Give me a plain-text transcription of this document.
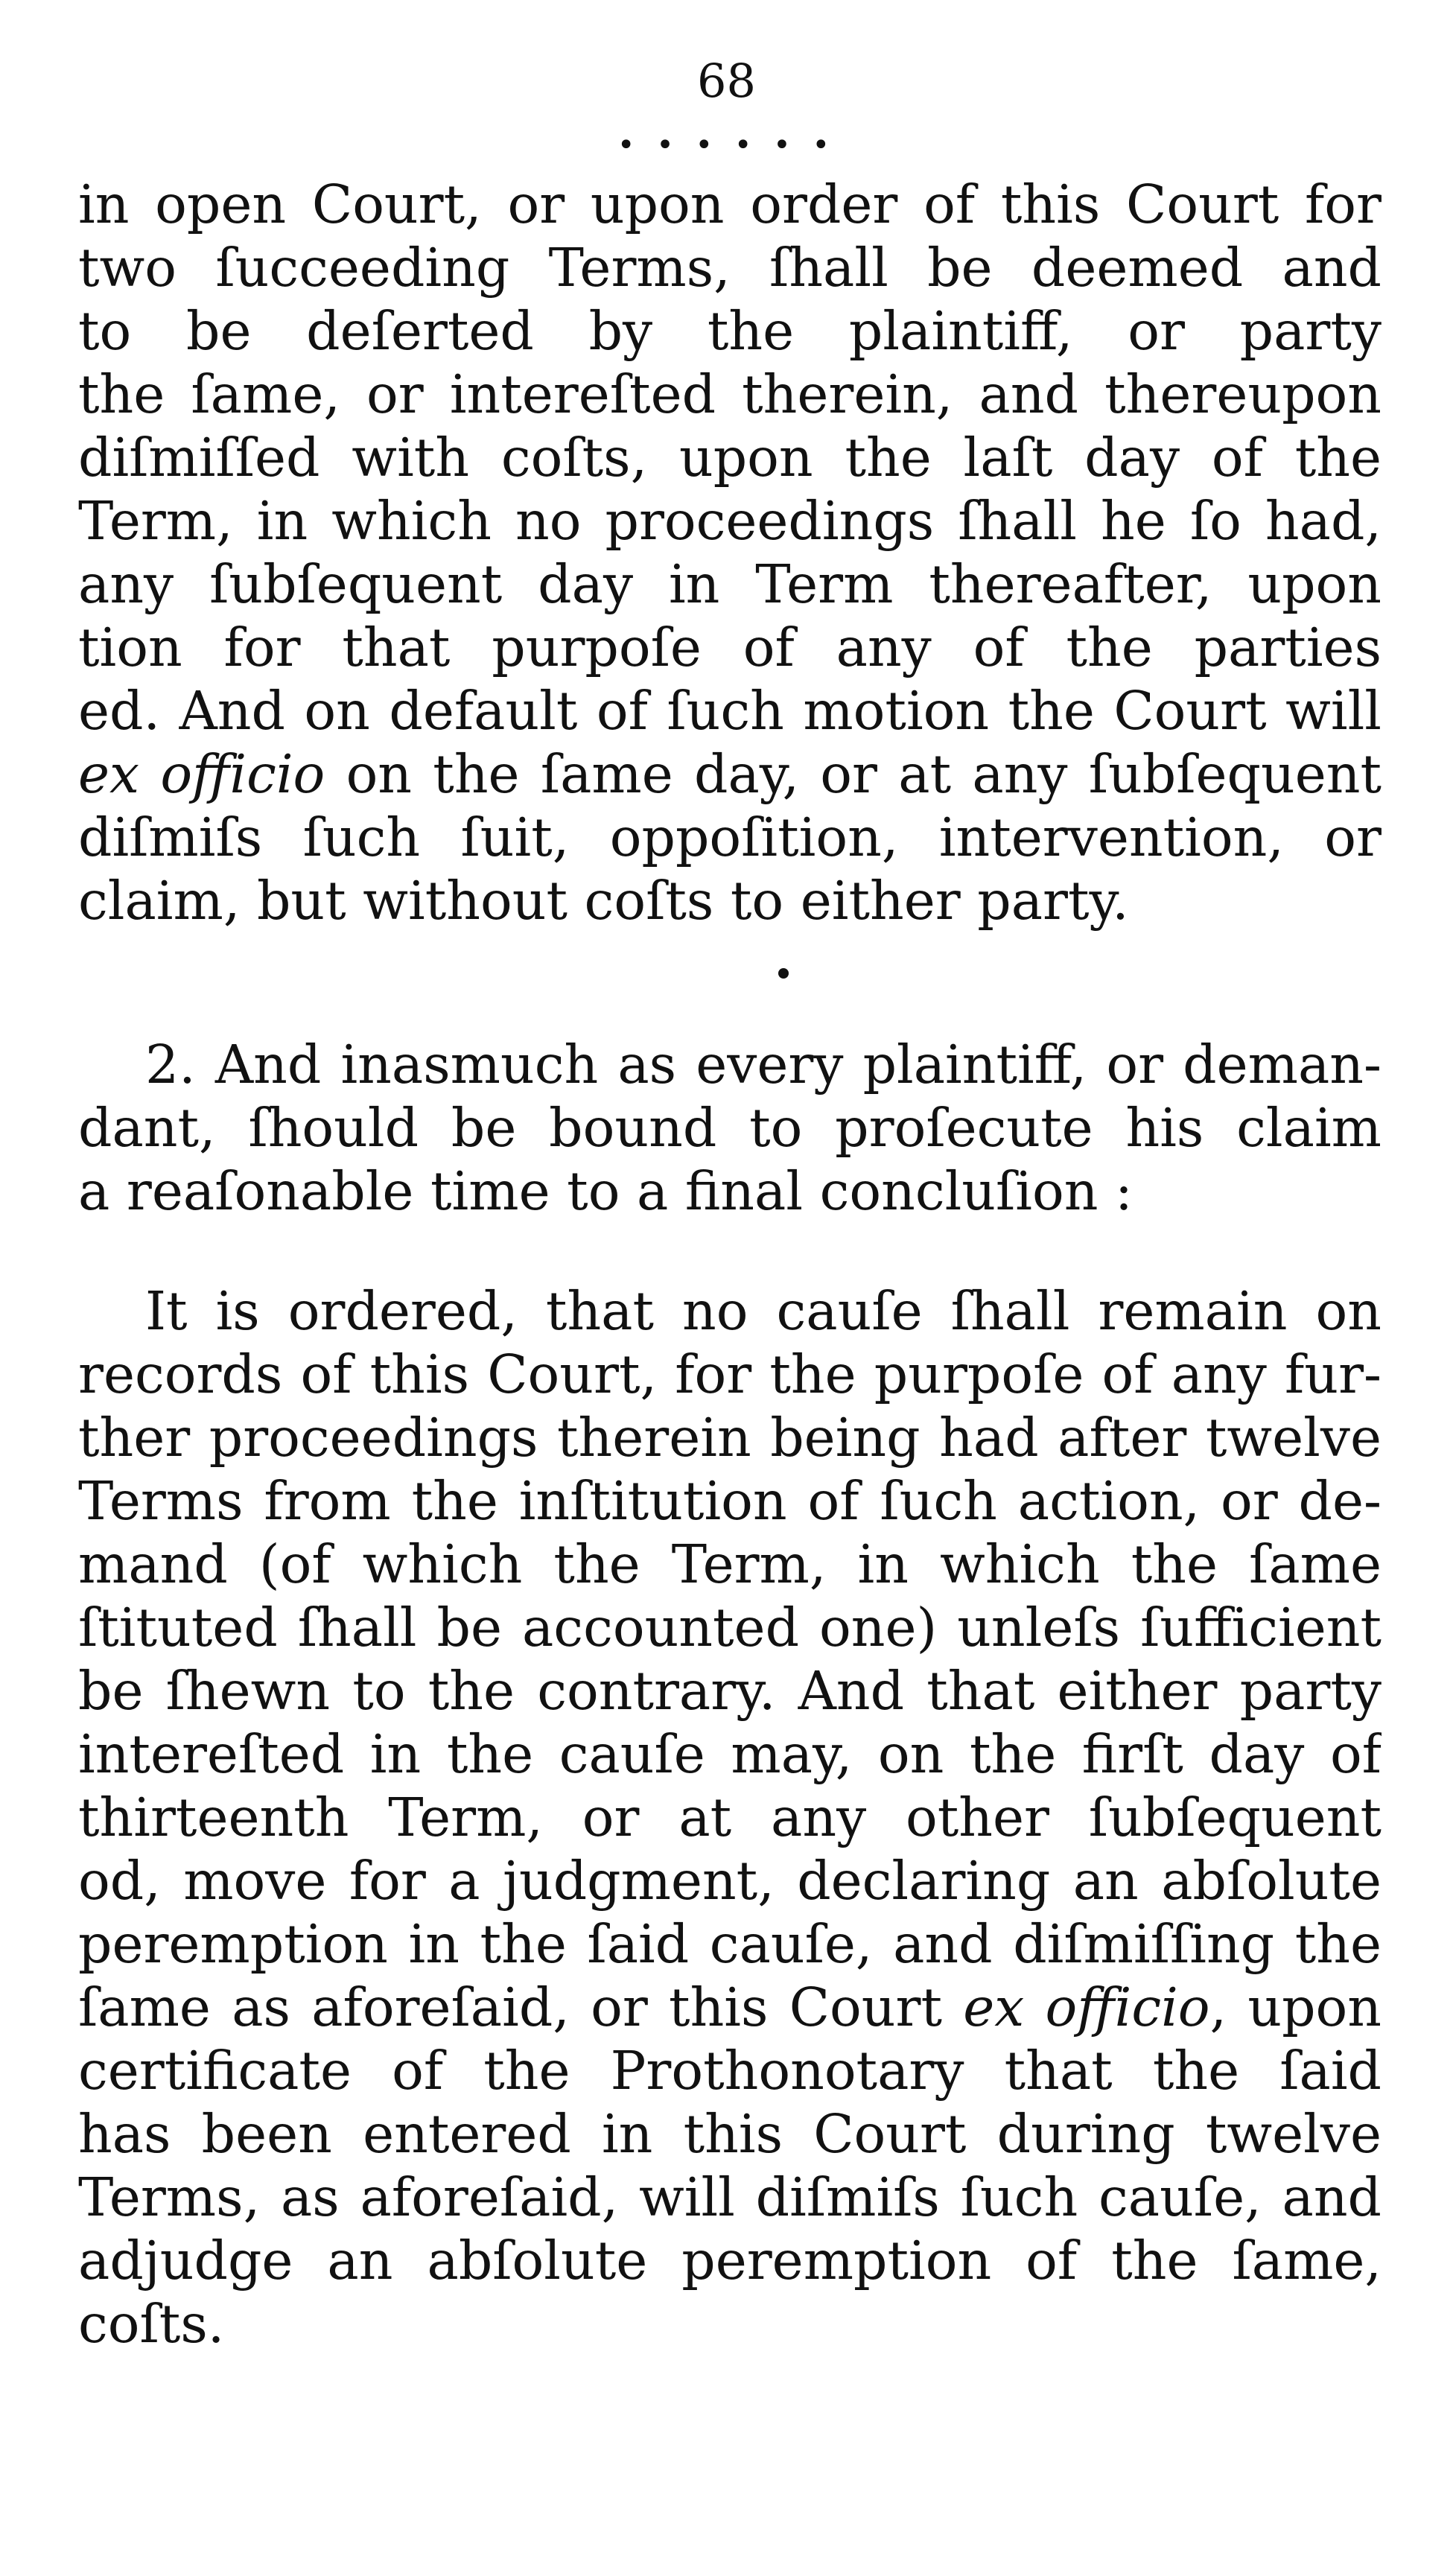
68
• • • • • •
in open Court, or upon order of this Court for
two ſucceeding Terms, ſhall be deemed and
to be deſerted by the plaintiff, or party
the ſame, or intereſted therein, and thereupon
diſmiſſed with coſts, upon the laſt day of the
Term, in which no proceedings ſhall he ſo had,
any ſubſequent day in Term thereafter, upon
tion for that purpoſe of any of the parties
ed. And on default of ſuch motion the Court will
ex officio on the ſame day, or at any ſubſequent
diſmiſs ſuch ſuit, oppoſition, intervention, or
claim, but without coſts to either party.
2. And inasmuch as every plaintiff, or deman-
dant, ſhould be bound to proſecute his claim
a reaſonable time to a final concluſion :
It is ordered, that no cauſe ſhall remain on
records of this Court, for the purpoſe of any fur-
ther proceedings therein being had after twelve
Terms from the inſtitution of ſuch action, or de-
mand (of which the Term, in which the ſame
ſtituted ſhall be accounted one) unleſs ſufficient
be ſhewn to the contrary. And that either party
intereſted in the cauſe may, on the firſt day of
thirteenth Term, or at any other ſubſequent
od, move for a judgment, declaring an abſolute
peremption in the ſaid cauſe, and diſmiſſing the
ſame as aforeſaid, or this Court ex officio, upon
certificate of the Prothonotary that the ſaid
has been entered in this Court during twelve
Terms, as aforeſaid, will diſmiſs ſuch cauſe, and
adjudge an abſolute peremption of the ſame,
coſts.
